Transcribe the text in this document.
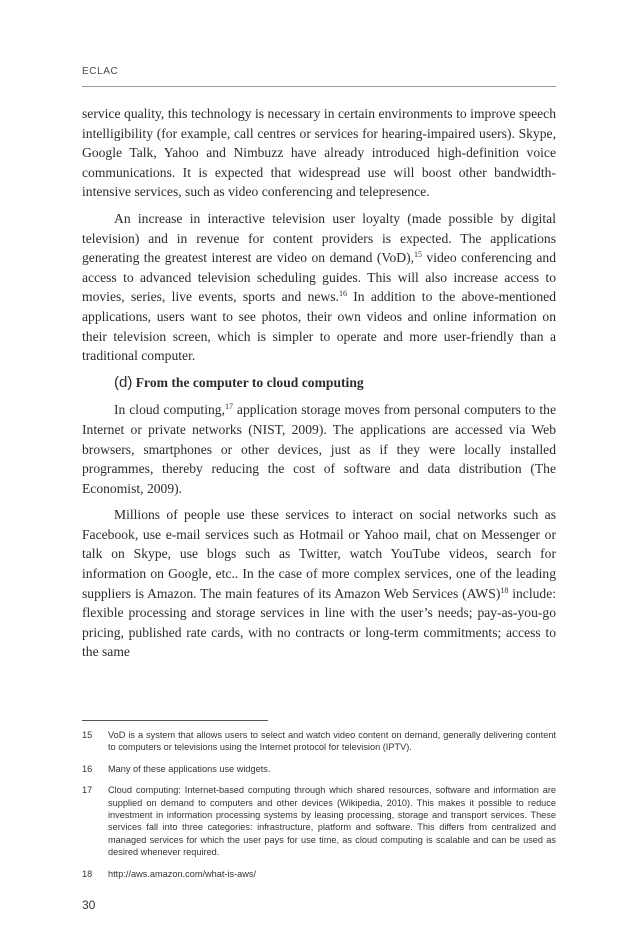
ECLAC

service quality, this technology is necessary in certain environments to improve speech intelligibility (for example, call centres or services for hearing-impaired users). Skype, Google Talk, Yahoo and Nimbuzz have already introduced high-definition voice communications. It is expected that widespread use will boost other bandwidth-intensive services, such as video conferencing and telepresence.

An increase in interactive television user loyalty (made possible by digital television) and in revenue for content providers is expected. The applications generating the greatest interest are video on demand (VoD),$^{15}$ video conferencing and access to advanced television scheduling guides. This will also increase access to movies, series, live events, sports and news.$^{16}$ In addition to the above-mentioned applications, users want to see photos, their own videos and online information on their television screen, which is simpler to operate and more user-friendly than a traditional computer.

(d) From the computer to cloud computing

In cloud computing,$^{17}$ application storage moves from personal computers to the Internet or private networks (NIST, 2009). The applications are accessed via Web browsers, smartphones or other devices, just as if they were locally installed programmes, thereby reducing the cost of software and data distribution (The Economist, 2009).

Millions of people use these services to interact on social networks such as Facebook, use e-mail services such as Hotmail or Yahoo mail, chat on Messenger or talk on Skype, use blogs such as Twitter, watch YouTube videos, search for information on Google, etc.. In the case of more complex services, one of the leading suppliers is Amazon. The main features of its Amazon Web Services (AWS)$^{18}$ include: flexible processing and storage services in line with the user’s needs; pay-as-you-go pricing, published rate cards, with no contracts or long-term commitments; access to the same

15	VoD is a system that allows users to select and watch video content on demand, generally delivering content to computers or televisions using the Internet protocol for television (IPTV).
16	Many of these applications use widgets.
17	Cloud computing: Internet-based computing through which shared resources, software and information are supplied on demand to computers and other devices (Wikipedia, 2010). This makes it possible to reduce investment in information processing systems by leasing processing, storage and transport services. These services fall into three categories: infrastructure, platform and software. This differs from centralized and managed services for which the user pays for use time, as cloud computing is scalable and can be used as desired whenever required.
18	http://aws.amazon.com/what-is-aws/
30
